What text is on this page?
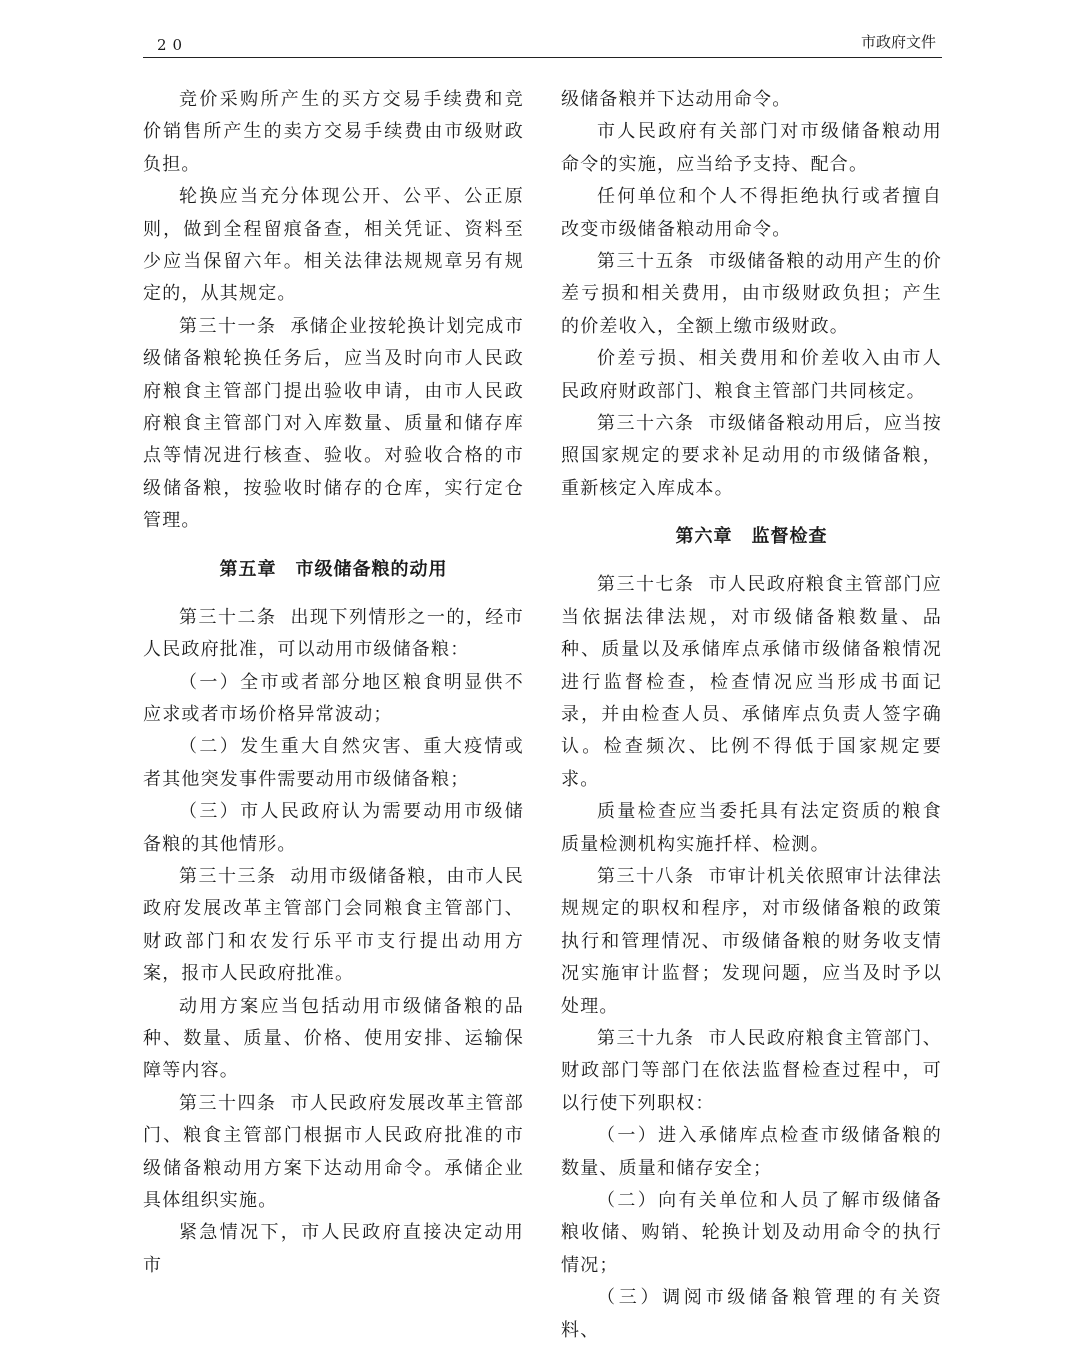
20	市政府文件

竞价采购所产生的买方交易手续费和竞价销售所产生的卖方交易手续费由市级财政负担。

轮换应当充分体现公开、公平、公正原则，做到全程留痕备查，相关凭证、资料至少应当保留六年。相关法律法规规章另有规定的，从其规定。

第三十一条 承储企业按轮换计划完成市级储备粮轮换任务后，应当及时向市人民政府粮食主管部门提出验收申请，由市人民政府粮食主管部门对入库数量、质量和储存库点等情况进行核查、验收。对验收合格的市级储备粮，按验收时储存的仓库，实行定仓管理。

第五章　市级储备粮的动用

第三十二条 出现下列情形之一的，经市人民政府批准，可以动用市级储备粮：

（一）全市或者部分地区粮食明显供不应求或者市场价格异常波动；

（二）发生重大自然灾害、重大疫情或者其他突发事件需要动用市级储备粮；

（三）市人民政府认为需要动用市级储备粮的其他情形。

第三十三条 动用市级储备粮，由市人民政府发展改革主管部门会同粮食主管部门、财政部门和农发行乐平市支行提出动用方案，报市人民政府批准。

动用方案应当包括动用市级储备粮的品种、数量、质量、价格、使用安排、运输保障等内容。

第三十四条 市人民政府发展改革主管部门、粮食主管部门根据市人民政府批准的市级储备粮动用方案下达动用命令。承储企业具体组织实施。

紧急情况下，市人民政府直接决定动用市

级储备粮并下达动用命令。

市人民政府有关部门对市级储备粮动用命令的实施，应当给予支持、配合。

任何单位和个人不得拒绝执行或者擅自改变市级储备粮动用命令。

第三十五条 市级储备粮的动用产生的价差亏损和相关费用，由市级财政负担；产生的价差收入，全额上缴市级财政。

价差亏损、相关费用和价差收入由市人民政府财政部门、粮食主管部门共同核定。

第三十六条 市级储备粮动用后，应当按照国家规定的要求补足动用的市级储备粮，重新核定入库成本。

第六章　监督检查

第三十七条 市人民政府粮食主管部门应当依据法律法规，对市级储备粮数量、品种、质量以及承储库点承储市级储备粮情况进行监督检查，检查情况应当形成书面记录，并由检查人员、承储库点负责人签字确认。检查频次、比例不得低于国家规定要求。

质量检查应当委托具有法定资质的粮食质量检测机构实施扦样、检测。

第三十八条 市审计机关依照审计法律法规规定的职权和程序，对市级储备粮的政策执行和管理情况、市级储备粮的财务收支情况实施审计监督；发现问题，应当及时予以处理。

第三十九条 市人民政府粮食主管部门、财政部门等部门在依法监督检查过程中，可以行使下列职权：

（一）进入承储库点检查市级储备粮的数量、质量和储存安全；

（二）向有关单位和人员了解市级储备粮收储、购销、轮换计划及动用命令的执行情况；

（三）调阅市级储备粮管理的有关资料、
